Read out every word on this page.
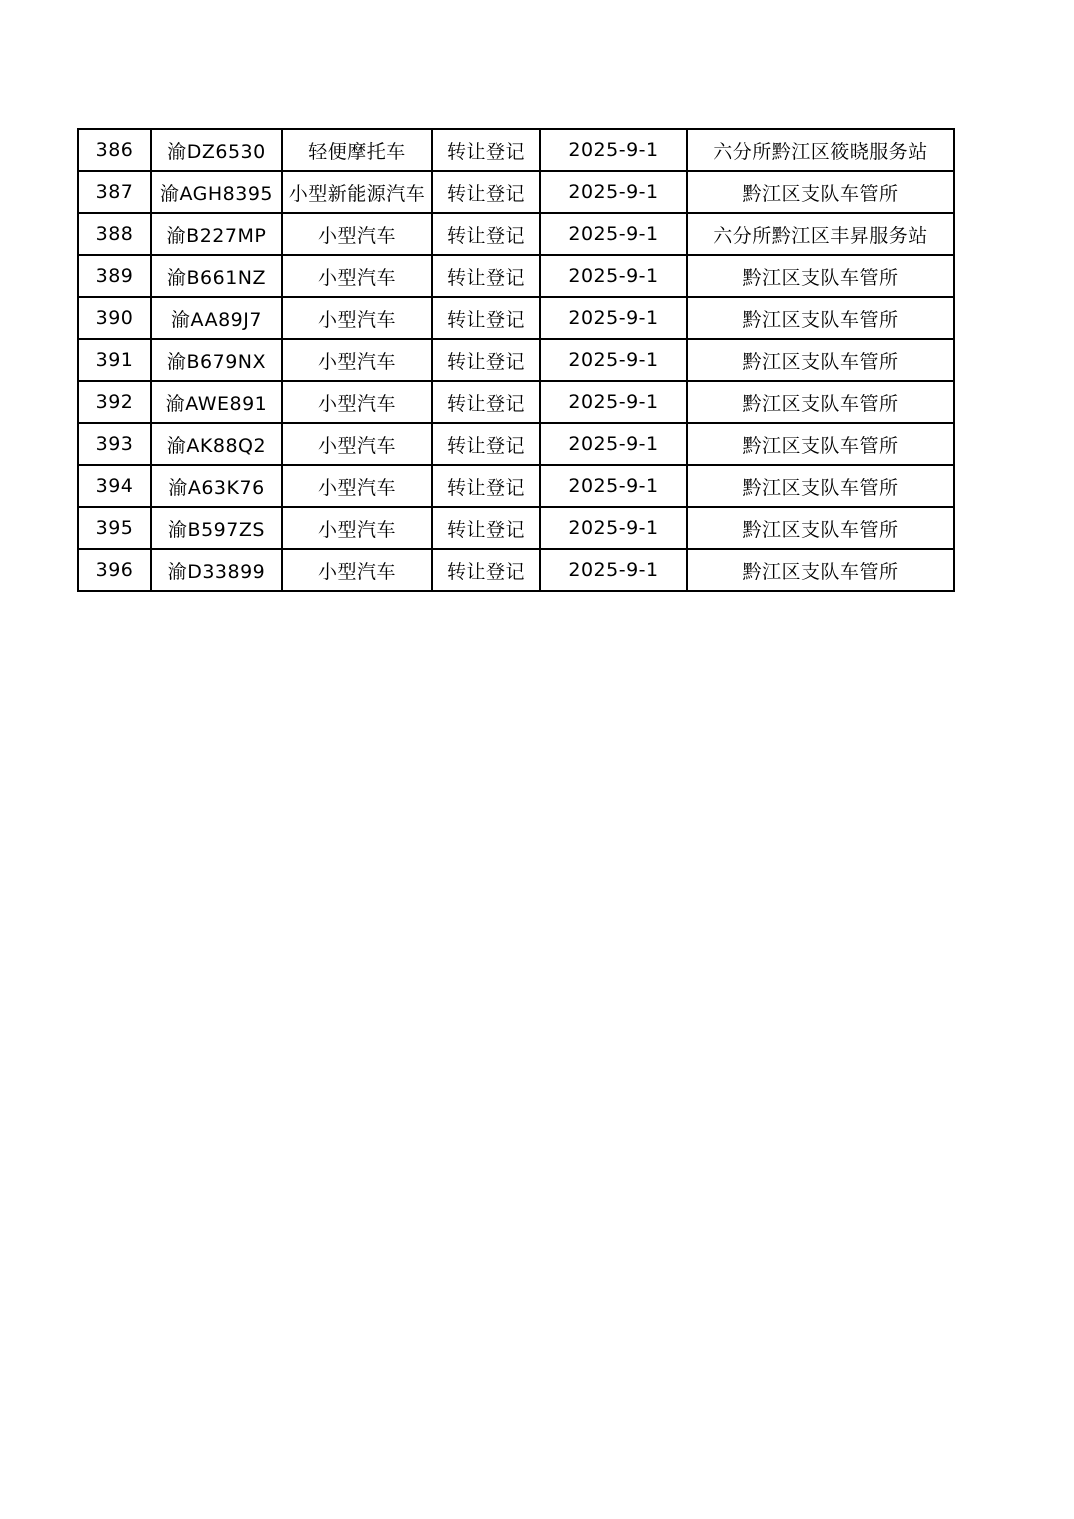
386	渝DZ6530	轻便摩托车	转让登记	2025-9-1	六分所黔江区筱晓服务站
387	渝AGH8395	小型新能源汽车	转让登记	2025-9-1	黔江区支队车管所
388	渝B227MP	小型汽车	转让登记	2025-9-1	六分所黔江区丰昇服务站
389	渝B661NZ	小型汽车	转让登记	2025-9-1	黔江区支队车管所
390	渝AA89J7	小型汽车	转让登记	2025-9-1	黔江区支队车管所
391	渝B679NX	小型汽车	转让登记	2025-9-1	黔江区支队车管所
392	渝AWE891	小型汽车	转让登记	2025-9-1	黔江区支队车管所
393	渝AK88Q2	小型汽车	转让登记	2025-9-1	黔江区支队车管所
394	渝A63K76	小型汽车	转让登记	2025-9-1	黔江区支队车管所
395	渝B597ZS	小型汽车	转让登记	2025-9-1	黔江区支队车管所
396	渝D33899	小型汽车	转让登记	2025-9-1	黔江区支队车管所
